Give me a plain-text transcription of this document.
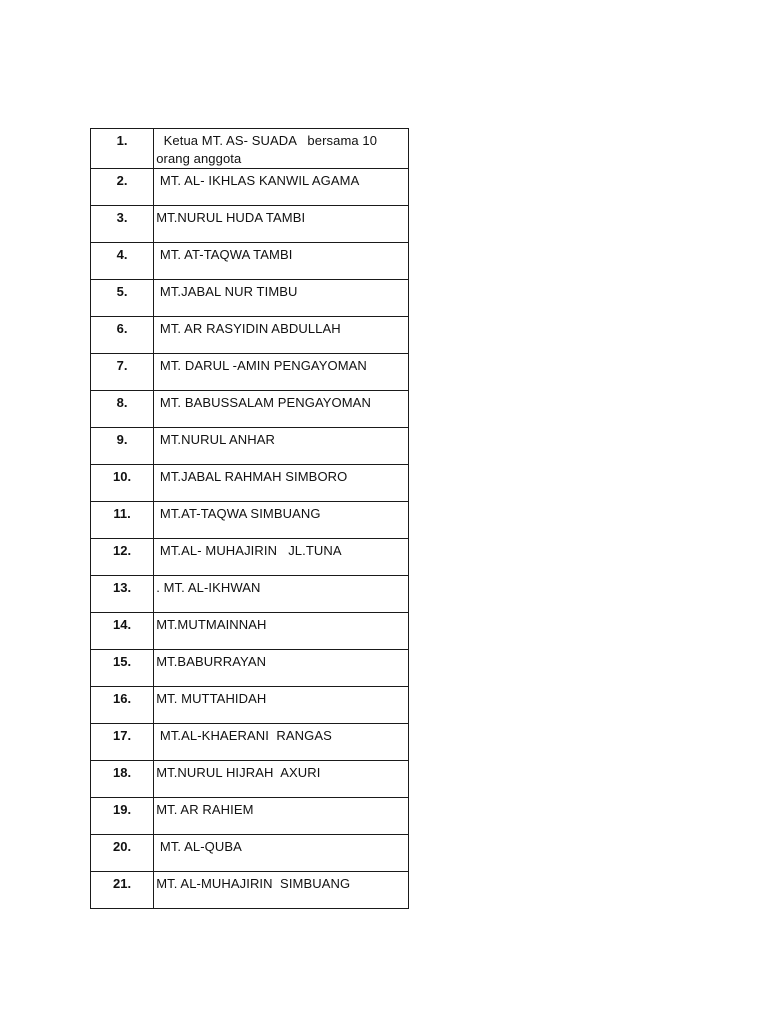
1.	Ketua MT. AS- SUADA   bersama 10 orang anggota
2.	MT. AL- IKHLAS KANWIL AGAMA
3.	MT.NURUL HUDA TAMBI
4.	MT. AT-TAQWA TAMBI
5.	MT.JABAL NUR TIMBU
6.	MT. AR RASYIDIN ABDULLAH
7.	MT. DARUL -AMIN PENGAYOMAN
8.	MT. BABUSSALAM PENGAYOMAN
9.	MT.NURUL ANHAR
10.	MT.JABAL RAHMAH SIMBORO
11.	MT.AT-TAQWA SIMBUANG
12.	MT.AL- MUHAJIRIN   JL.TUNA
13.	. MT. AL-IKHWAN
14.	MT.MUTMAINNAH
15.	MT.BABURRAYAN
16.	MT. MUTTAHIDAH
17.	MT.AL-KHAERANI  RANGAS
18.	MT.NURUL HIJRAH  AXURI
19.	MT. AR RAHIEM
20.	MT. AL-QUBA
21.	MT. AL-MUHAJIRIN  SIMBUANG
